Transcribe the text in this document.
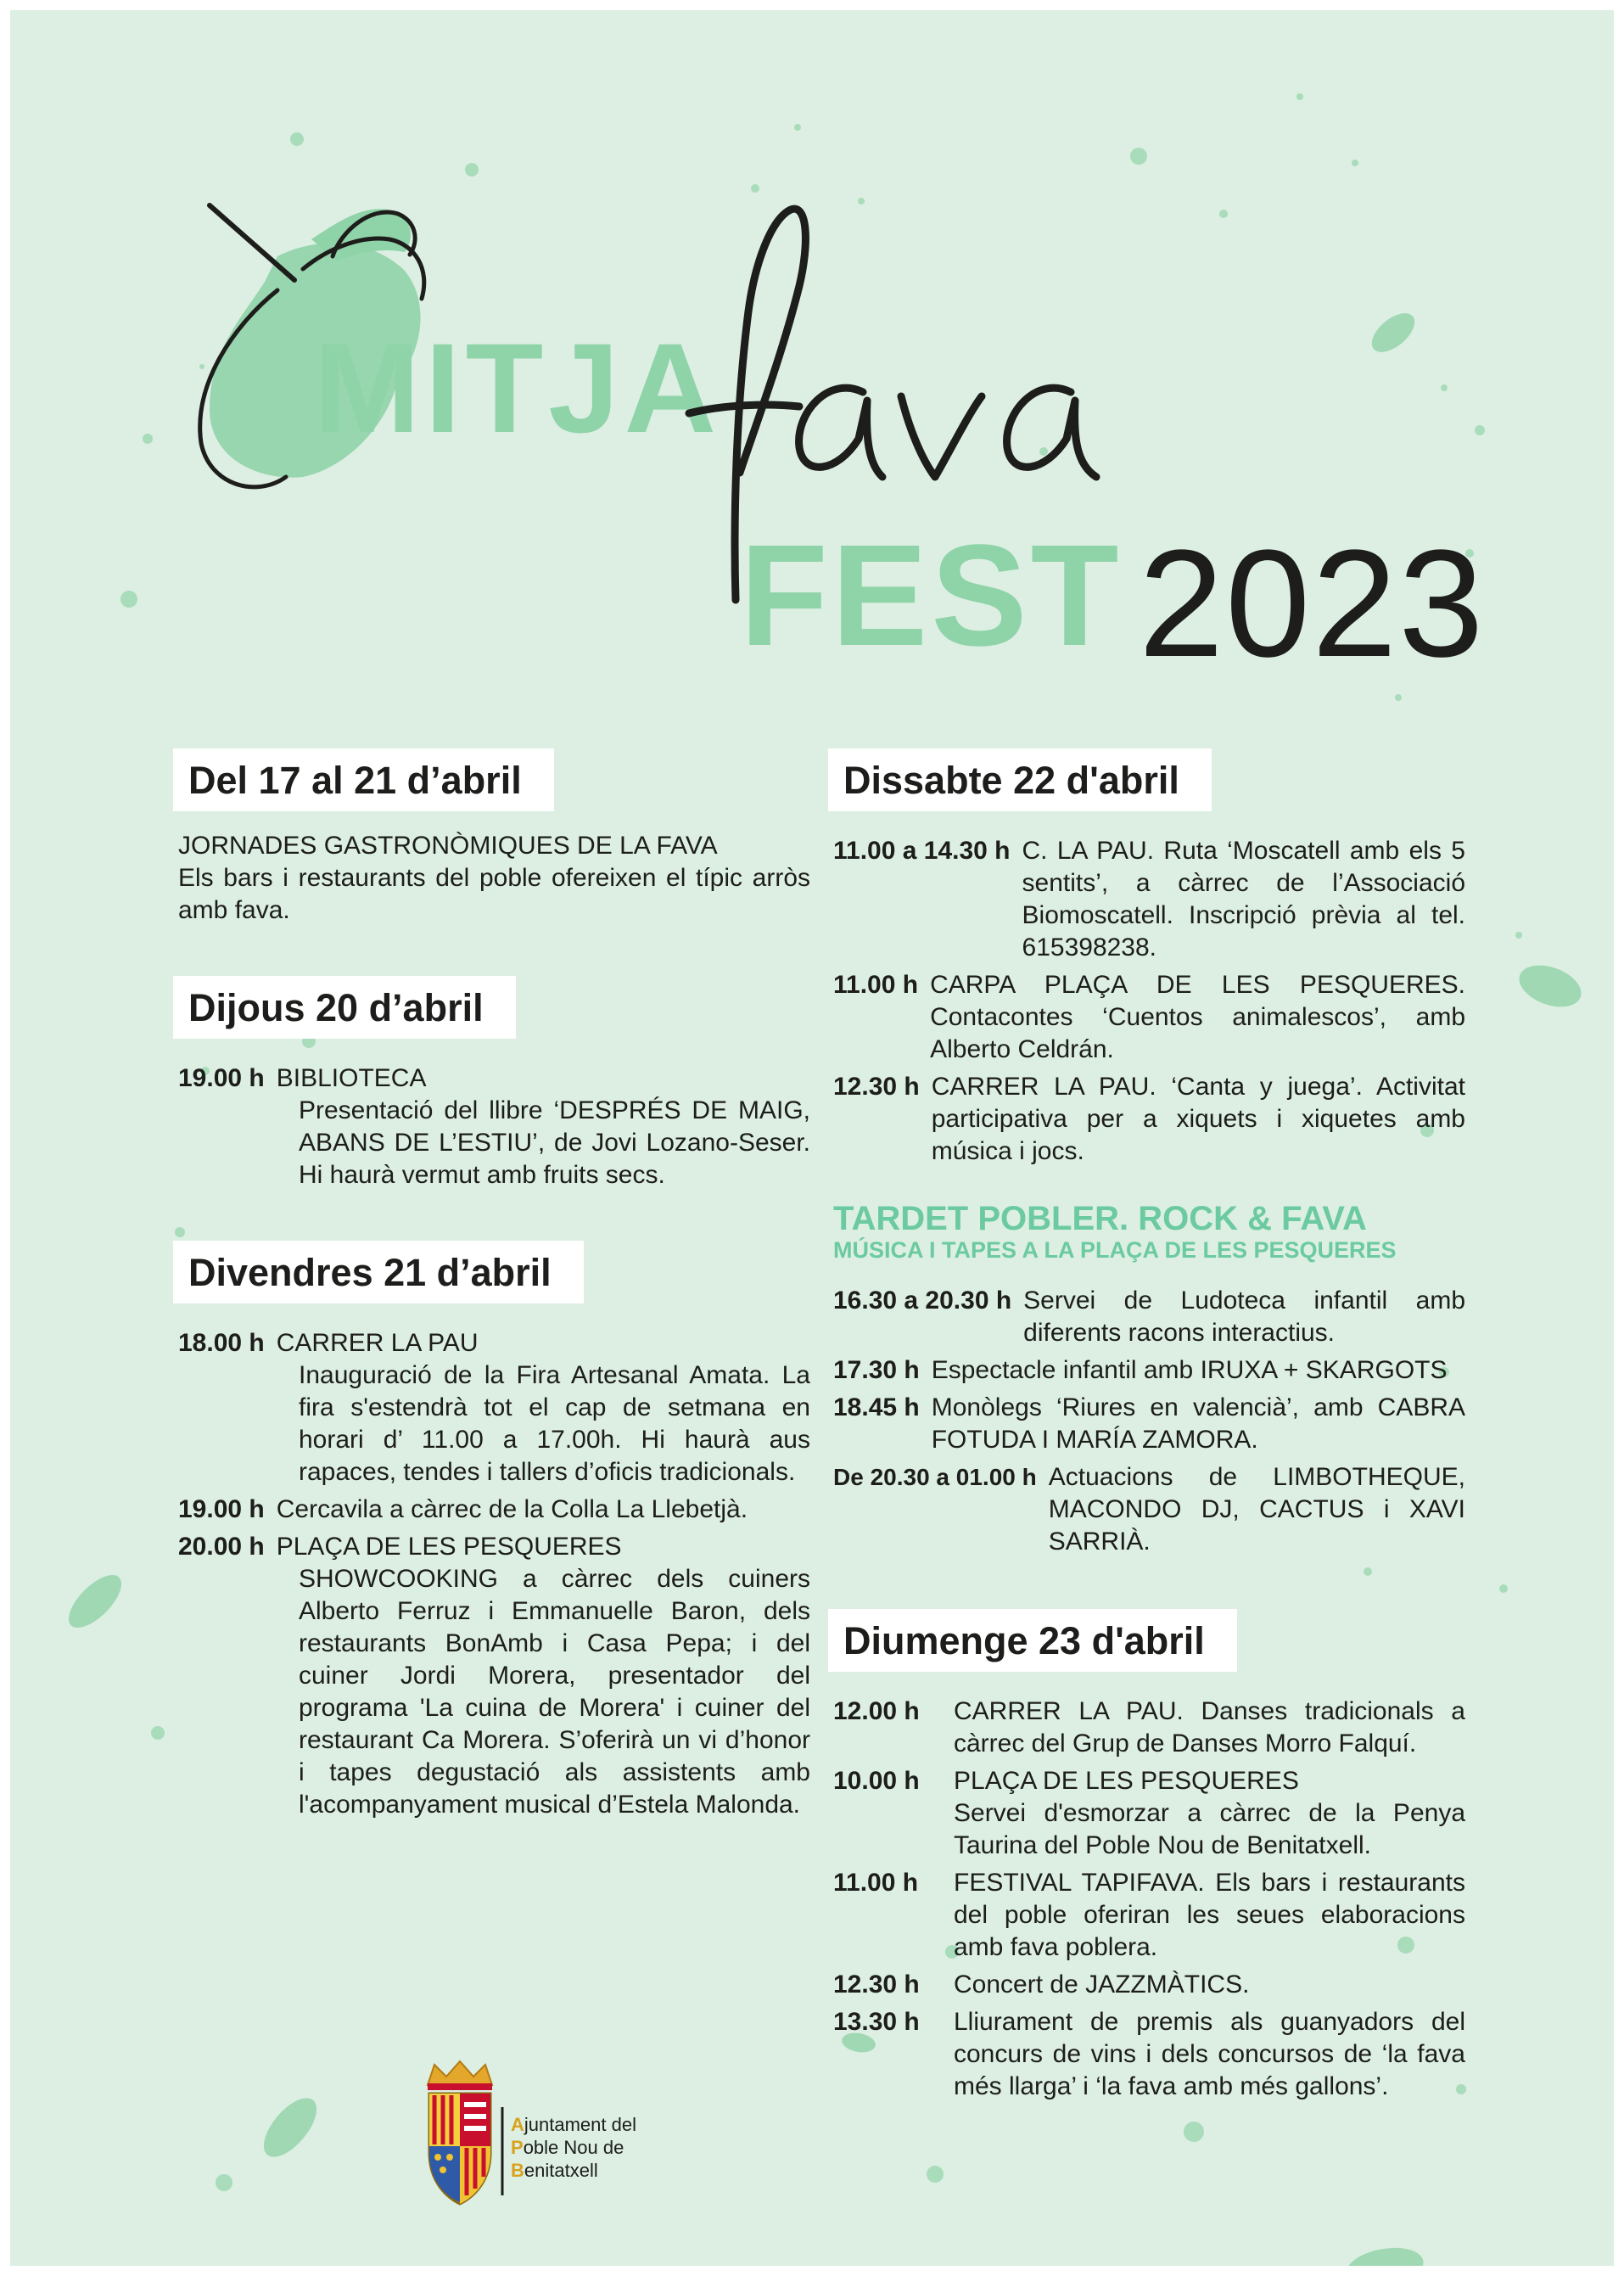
MITJA
FEST 2023
Del 17 al 21 d’abril
JORNADES GASTRONÒMIQUES DE LA FAVA
Els bars i restaurants del poble ofereixen el típic arròs amb fava.
Dijous 20 d’abril
19.00 h BIBLIOTECA
Presentació del llibre ‘DESPRÉS DE MAIG, ABANS DE L’ESTIU’, de Jovi Lozano-Seser. Hi haurà vermut amb fruits secs.
Divendres 21 d’abril
18.00 h CARRER LA PAU
Inauguració de la Fira Artesanal Amata. La fira s'estendrà tot el cap de setmana en horari d’ 11.00 a 17.00h. Hi haurà aus rapaces, tendes i tallers d’oficis tradicionals.
19.00 h Cercavila a càrrec de la Colla La Llebetjà.
20.00 h PLAÇA DE LES PESQUERES
SHOWCOOKING a càrrec dels cuiners Alberto Ferruz i Emmanuelle Baron, dels restaurants BonAmb i Casa Pepa; i del cuiner Jordi Morera, presentador del programa 'La cuina de Morera' i cuiner del restaurant Ca Morera. S’oferirà un vi d’honor i tapes degustació als assistents amb l'acompanyament musical d’Estela Malonda.
Dissabte 22 d'abril
11.00 a 14.30 h C. LA PAU. Ruta ‘Moscatell amb els 5 sentits’, a càrrec de l’Associació Biomoscatell. Inscripció prèvia al tel. 615398238.
11.00 h CARPA PLAÇA DE LES PESQUERES. Contacontes ‘Cuentos animalescos’, amb Alberto Celdrán.
12.30 h CARRER LA PAU. ‘Canta y juega’. Activitat participativa per a xiquets i xiquetes amb música i jocs.
TARDET POBLER. ROCK & FAVA
MÚSICA I TAPES A LA PLAÇA DE LES PESQUERES
16.30 a 20.30 h Servei de Ludoteca infantil amb diferents racons interactius.
17.30 h Espectacle infantil amb IRUXA + SKARGOTS
18.45 h Monòlegs ‘Riures en valencià’, amb CABRA FOTUDA I MARÍA ZAMORA.
De 20.30 a 01.00 h Actuacions de LIMBOTHEQUE, MACONDO DJ, CACTUS i XAVI SARRIÀ.
Diumenge 23 d'abril
12.00 h	CARRER LA PAU. Danses tradicionals a càrrec del Grup de Danses Morro Falquí.
10.00 h	PLAÇA DE LES PESQUERES
Servei d'esmorzar a càrrec de la Penya Taurina del Poble Nou de Benitatxell.
11.00 h	FESTIVAL TAPIFAVA. Els bars i restaurants del poble oferiran les seues elaboracions amb fava poblera.
12.30 h	Concert de JAZZMÀTICS.
13.30 h	Lliurament de premis als guanyadors del concurs de vins i dels concursos de ‘la fava més llarga’ i ‘la fava amb més gallons’.
Ajuntament del
Poble Nou de
Benitatxell
